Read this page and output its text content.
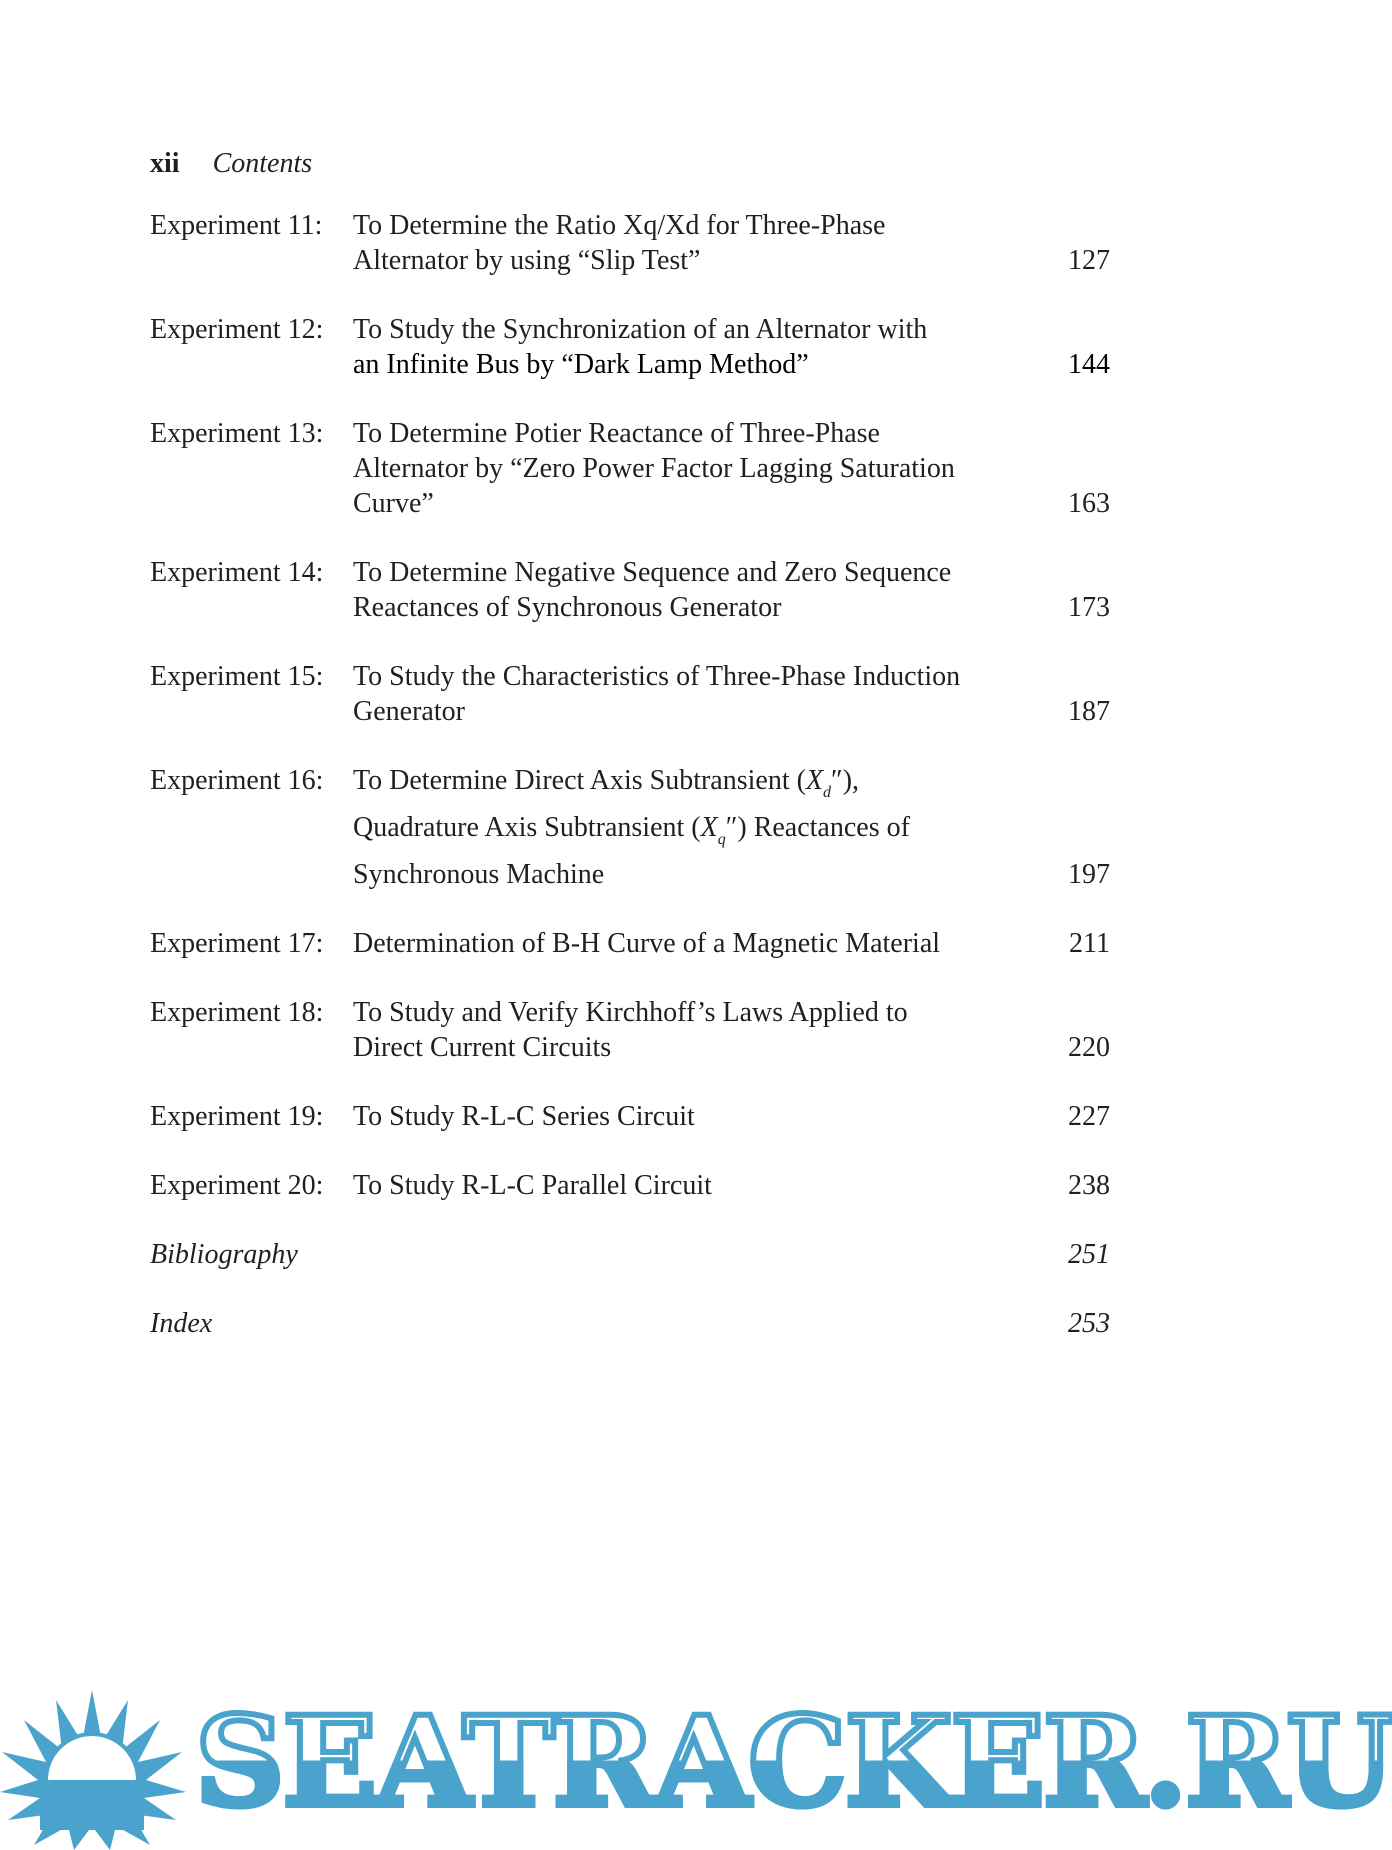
xii Contents
Experiment 11: To Determine the Ratio Xq/Xd for Three-Phase
Alternator by using “Slip Test”	127
Experiment 12: To Study the Synchronization of an Alternator with
an Infinite Bus by “Dark Lamp Method”	144
Experiment 13: To Determine Potier Reactance of Three-Phase
Alternator by “Zero Power Factor Lagging Saturation
Curve”	163
Experiment 14: To Determine Negative Sequence and Zero Sequence
Reactances of Synchronous Generator	173
Experiment 15: To Study the Characteristics of Three-Phase Induction
Generator	187
Experiment 16: To Determine Direct Axis Subtransient $(X_d'')$,
Quadrature Axis Subtransient $(X_q'')$ Reactances of
Synchronous Machine	197
Experiment 17: Determination of B-H Curve of a Magnetic Material	211
Experiment 18: To Study and Verify Kirchhoff’s Laws Applied to
Direct Current Circuits	220
Experiment 19: To Study R-L-C Series Circuit	227
Experiment 20: To Study R-L-C Parallel Circuit	238
Bibliography	251
Index	253
SEATRACKER.RU
